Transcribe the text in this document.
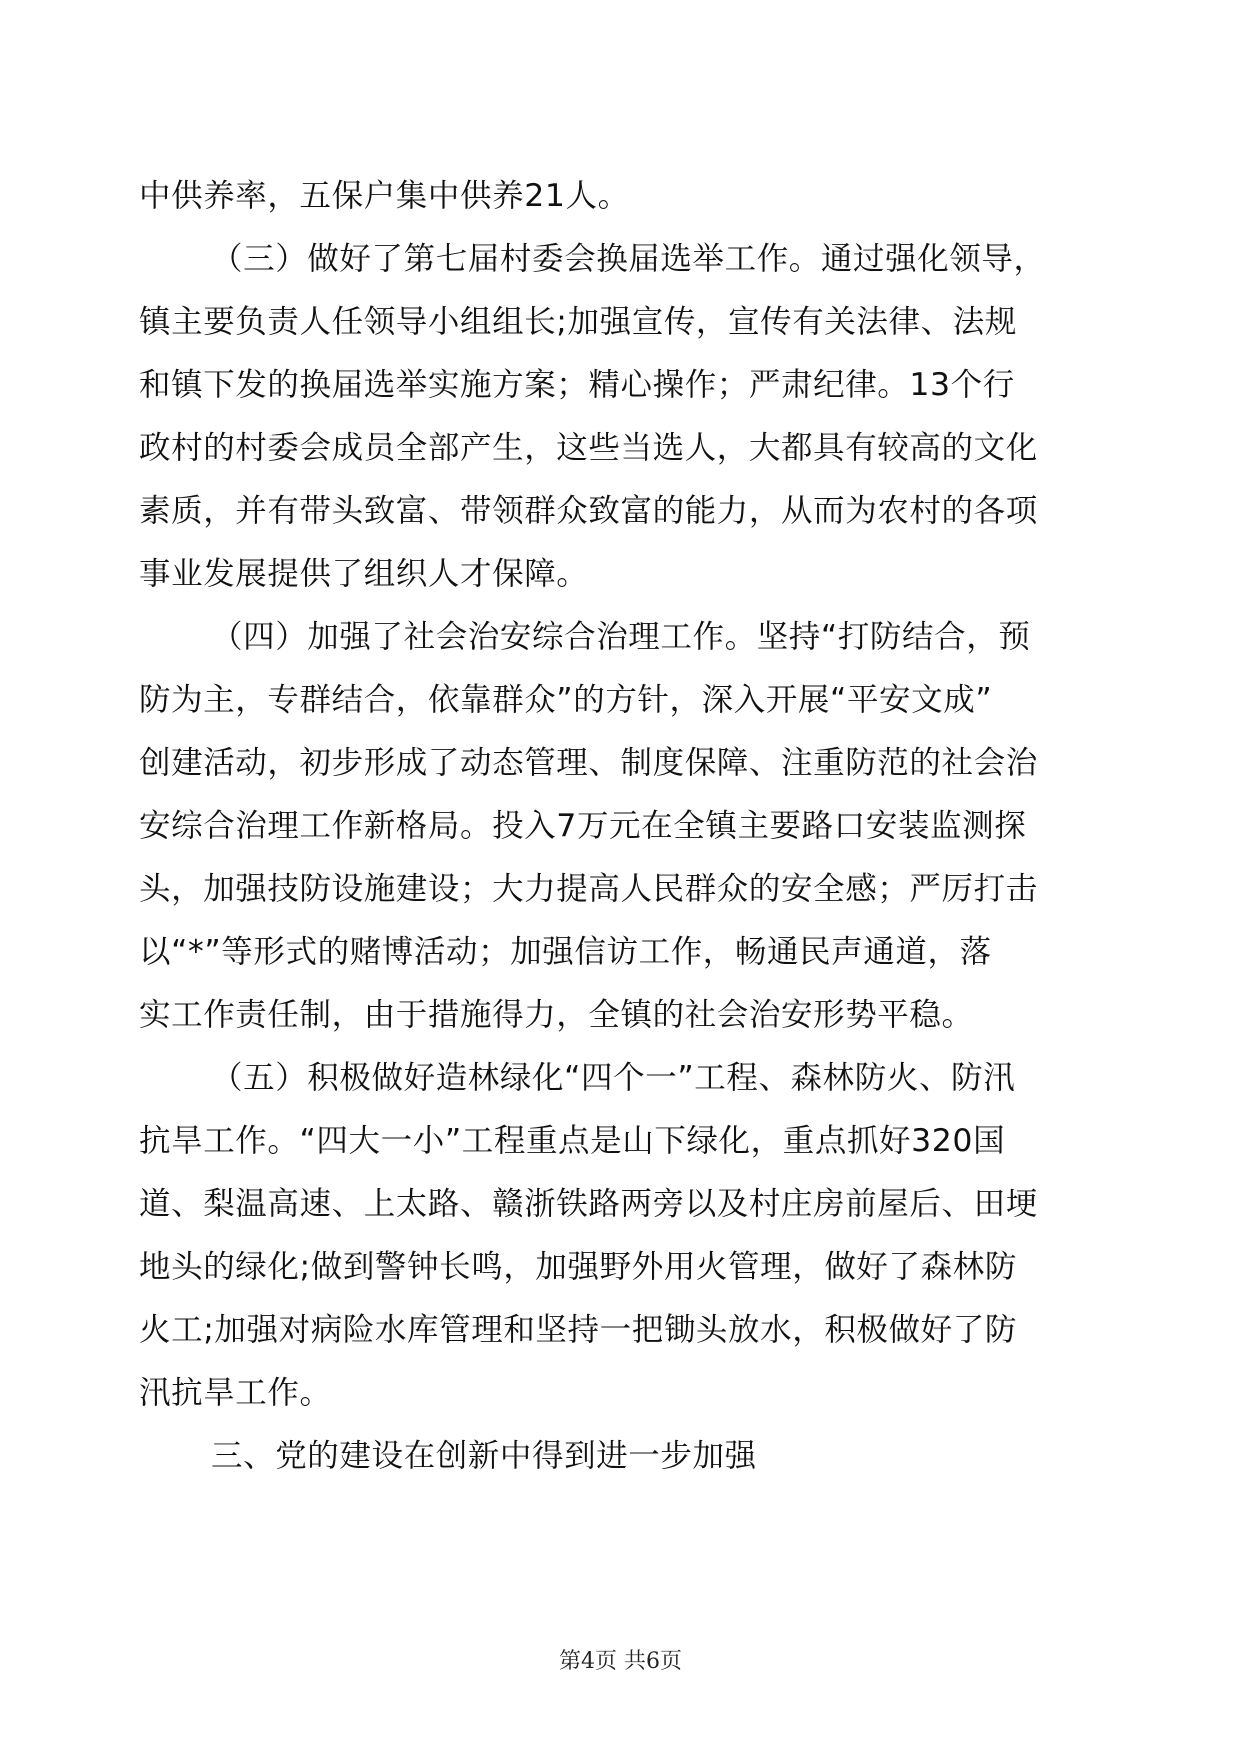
中供养率，五保户集中供养21人。
（三）做好了第七届村委会换届选举工作。通过强化领导，
镇主要负责人任领导小组组长;加强宣传，宣传有关法律、法规
和镇下发的换届选举实施方案；精心操作；严肃纪律。13个行
政村的村委会成员全部产生，这些当选人，大都具有较高的文化
素质，并有带头致富、带领群众致富的能力，从而为农村的各项
事业发展提供了组织人才保障。
（四）加强了社会治安综合治理工作。坚持“打防结合，预
防为主，专群结合，依靠群众”的方针，深入开展“平安文成”
创建活动，初步形成了动态管理、制度保障、注重防范的社会治
安综合治理工作新格局。投入7万元在全镇主要路口安装监测探
头，加强技防设施建设；大力提高人民群众的安全感；严厉打击
以“*”等形式的赌博活动；加强信访工作，畅通民声通道，落
实工作责任制，由于措施得力，全镇的社会治安形势平稳。
（五）积极做好造林绿化“四个一”工程、森林防火、防汛
抗旱工作。“四大一小”工程重点是山下绿化，重点抓好320国
道、梨温高速、上太路、赣浙铁路两旁以及村庄房前屋后、田埂
地头的绿化;做到警钟长鸣，加强野外用火管理，做好了森林防
火工;加强对病险水库管理和坚持一把锄头放水，积极做好了防
汛抗旱工作。
三、党的建设在创新中得到进一步加强
第4页 共6页
